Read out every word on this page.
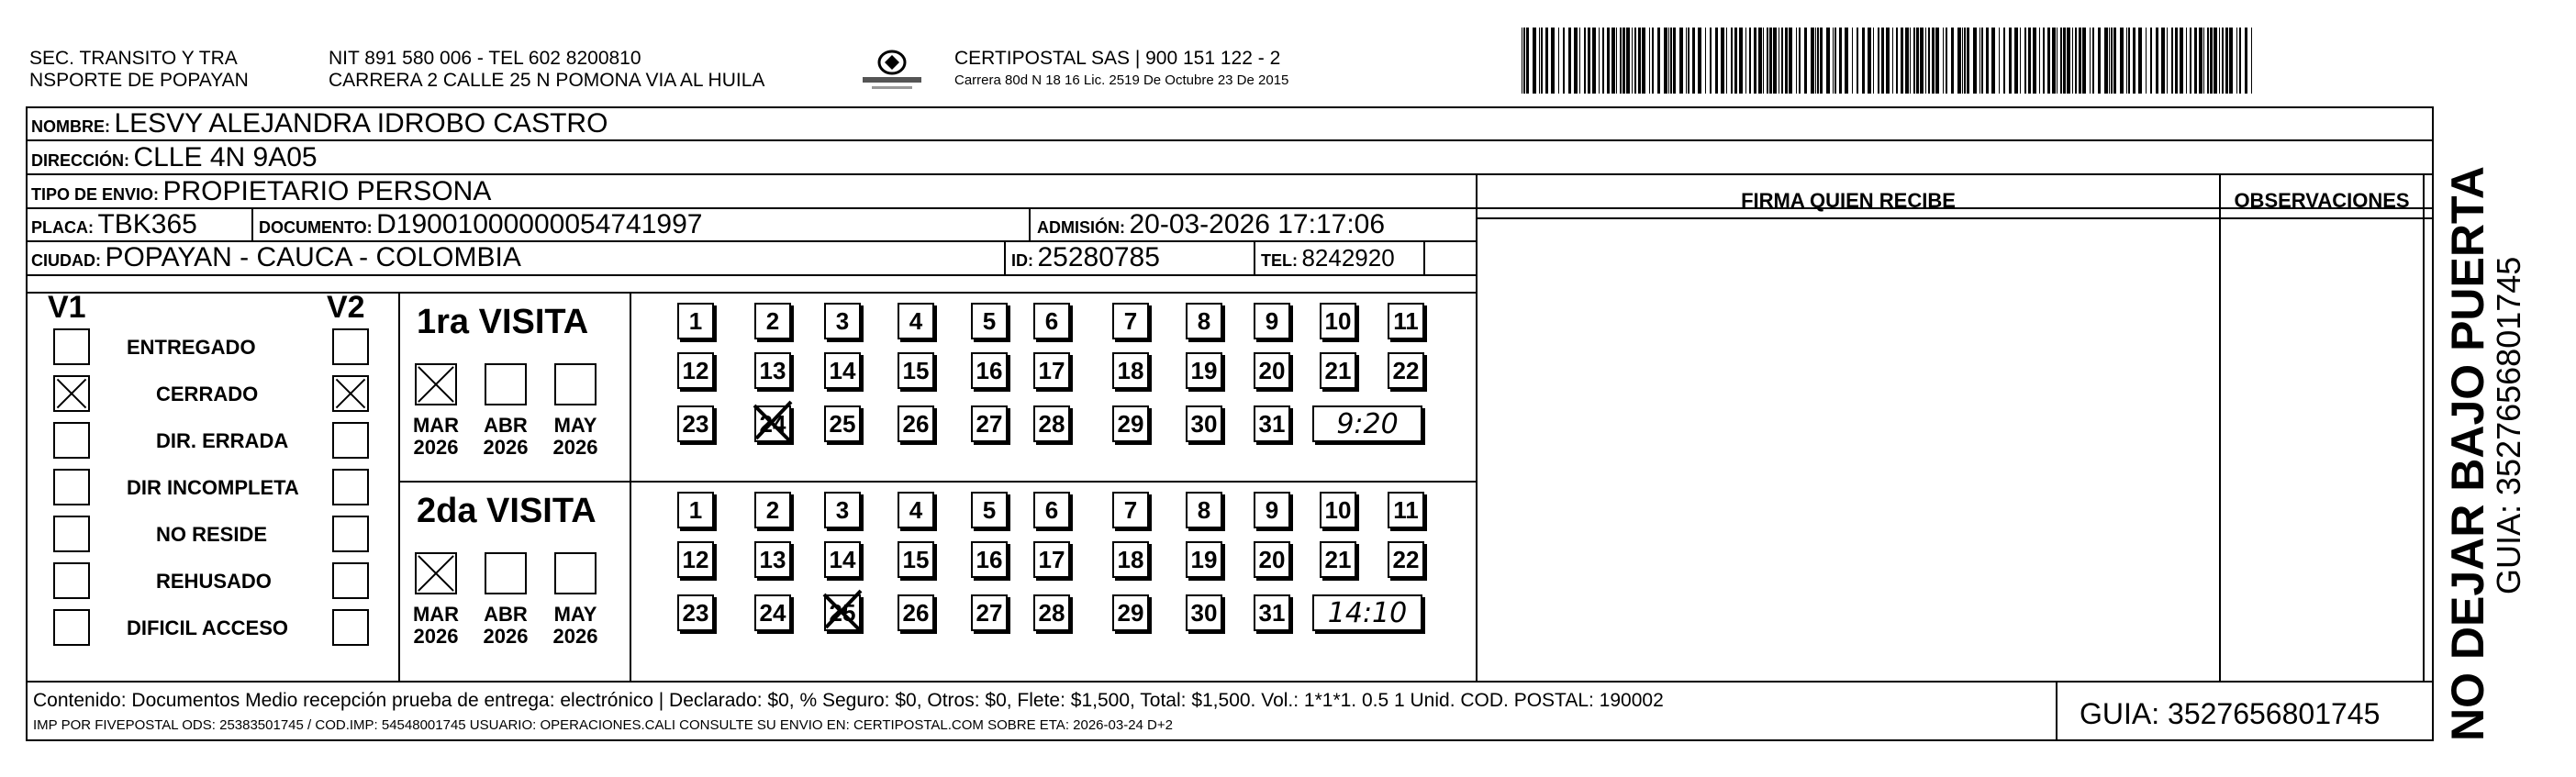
SEC. TRANSITO Y TRA
NSPORTE DE POPAYAN
NIT 891 580 006 - TEL 602 8200810
CARRERA 2 CALLE 25 N POMONA VIA AL HUILA
CERTIPOSTAL SAS | 900 151 122 - 2
Carrera 80d N 18 16 Lic. 2519 De Octubre 23 De 2015
NOMBRE: LESVY ALEJANDRA IDROBO CASTRO
DIRECCIÓN: CLLE 4N 9A05
TIPO DE ENVIO: PROPIETARIO PERSONA
PLACA: TBK365	DOCUMENTO: D19001000000054741997	ADMISIÓN: 20-03-2026 17:17:06
CIUDAD: POPAYAN - CAUCA - COLOMBIA	ID: 25280785	TEL: 8242920
FIRMA QUIEN RECIBE	OBSERVACIONES
V1	V2
ENTREGADO
CERRADO
DIR. ERRADA
DIR INCOMPLETA
NO RESIDE
REHUSADO
DIFICIL ACCESO
1ra VISITA
MAR
2026
ABR
2026
MAY
2026
1	2	3	4	5	6	7	8	9	10 11
12 13 14 15 16 17 18 19 20 21 22
23 24 25 26 27 28 29 30 31	9:20
2da VISITA
MAR
2026
ABR
2026
MAY
2026
1	2	3	4	5	6	7	8	9	10 11
12 13 14 15 16 17 18 19 20 21 22
23 24 25 26 27 28 29 30 31	14:10
Contenido: Documentos Medio recepción prueba de entrega: electrónico | Declarado: $0, % Seguro: $0, Otros: $0, Flete: $1,500, Total: $1,500. Vol.: 1*1*1. 0.5 1 Unid. COD. POSTAL: 190002
IMP POR FIVEPOSTAL ODS: 25383501745 / COD.IMP: 54548001745 USUARIO: OPERACIONES.CALI CONSULTE SU ENVIO EN: CERTIPOSTAL.COM SOBRE ETA: 2026-03-24 D+2	GUIA: 3527656801745 NO DEJAR BAJO PUERTA
GUIA: 3527656801745
